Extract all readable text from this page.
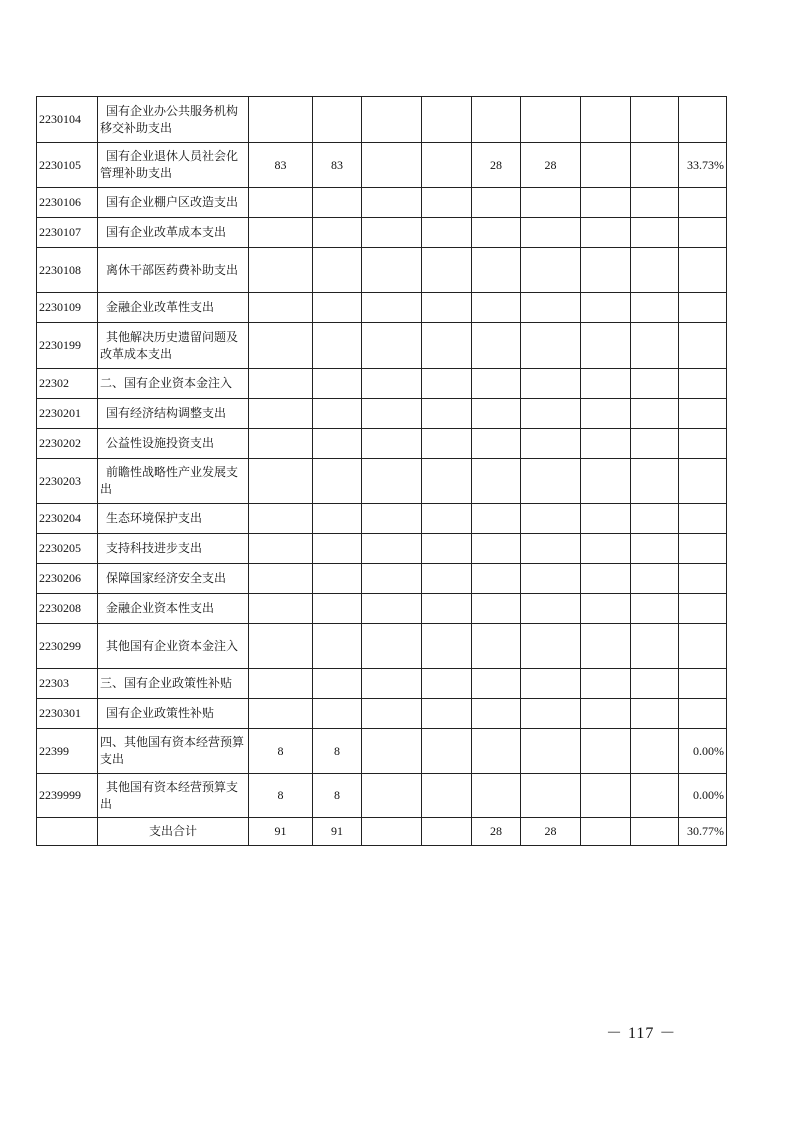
2230104	国有企业办公共服务机构移交补助支出									

2230105	国有企业退休人员社会化管理补助支出	83	83			28	28			33.73%
2230106	国有企业棚户区改造支出									

2230107	国有企业改革成本支出									

2230108	离休干部医药费补助支出									

2230109	金融企业改革性支出									

2230199	其他解决历史遗留问题及改革成本支出									

22302	二、国有企业资本金注入									

2230201	国有经济结构调整支出									

2230202	公益性设施投资支出									

2230203	前瞻性战略性产业发展支出									

2230204	生态环境保护支出									

2230205	支持科技进步支出									

2230206	保障国家经济安全支出									

2230208	金融企业资本性支出									

2230299	其他国有企业资本金注入									

22303	三、国有企业政策性补贴									

2230301	国有企业政策性补贴									

22399	四、其他国有资本经营预算支出	8	8							0.00%
2239999	其他国有资本经营预算支出	8	8							0.00%
	支出合计	91	91			28	28			30.77%
－ 117 －
